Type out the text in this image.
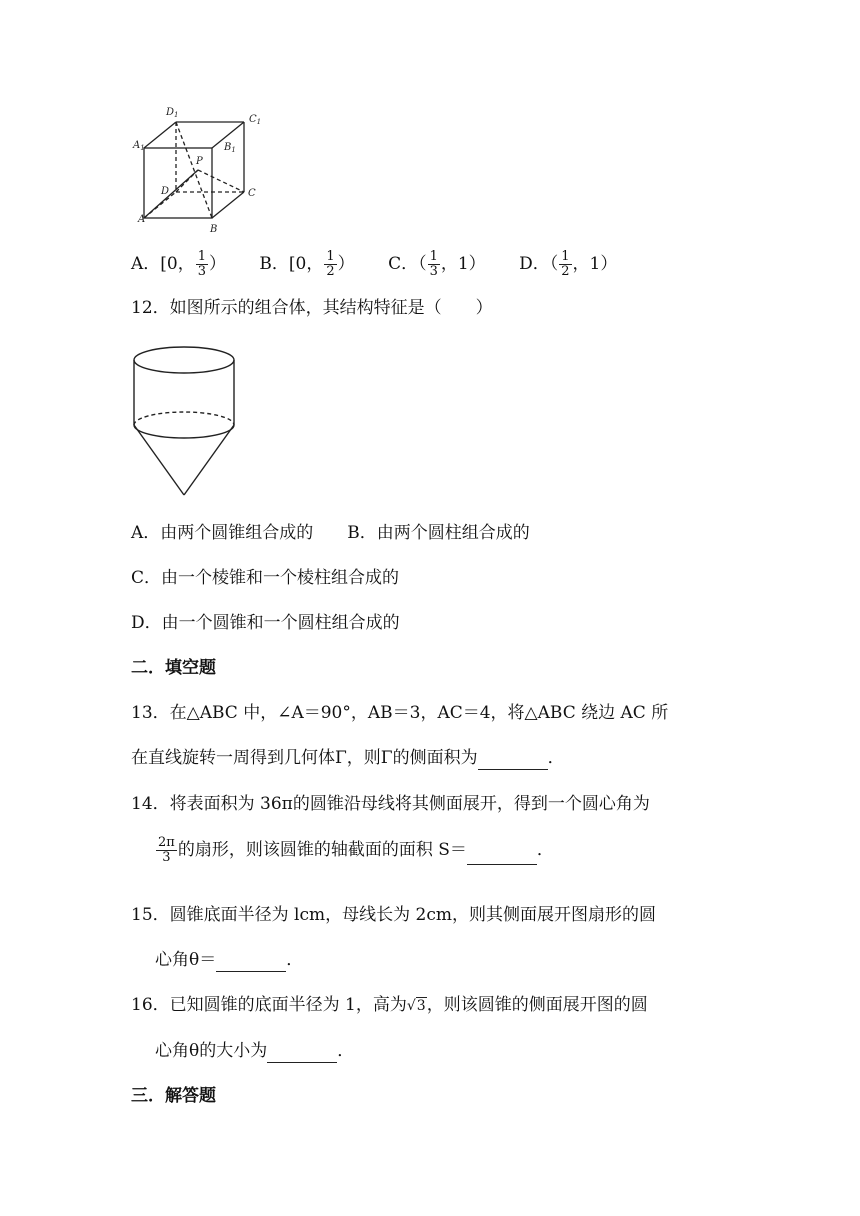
$D_1$	$C_1$
$A_1$	$B_1$
P
D	C
A
B
A．[0， $\frac{1}{3}$ ） B．[0， $\frac{1}{2}$ ） C．（ $\frac{1}{3}$ ，1） D．（ $\frac{1}{2}$ ，1）
12．如图所示的组合体，其结构特征是（　　）
A．由两个圆锥组合成的 B．由两个圆柱组合成的
C．由一个棱锥和一个棱柱组合成的
D．由一个圆锥和一个圆柱组合成的
二．填空题
13．在△ABC 中，∠A＝90°，AB＝3，AC＝4，将△ABC 绕边 AC 所
在直线旋转一周得到几何体Γ，则Γ的侧面积为	．
14．将表面积为 36π的圆锥沿母线将其侧面展开，得到一个圆心角为
$\frac{2\pi}{3}$ 的扇形，则该圆锥的轴截面的面积 S＝	．
15．圆锥底面半径为 lcm，母线长为 2cm，则其侧面展开图扇形的圆
心角θ＝	．
16．已知圆锥的底面半径为 1，高为√3，则该圆锥的侧面展开图的圆
心角θ的大小为	．
三．解答题
